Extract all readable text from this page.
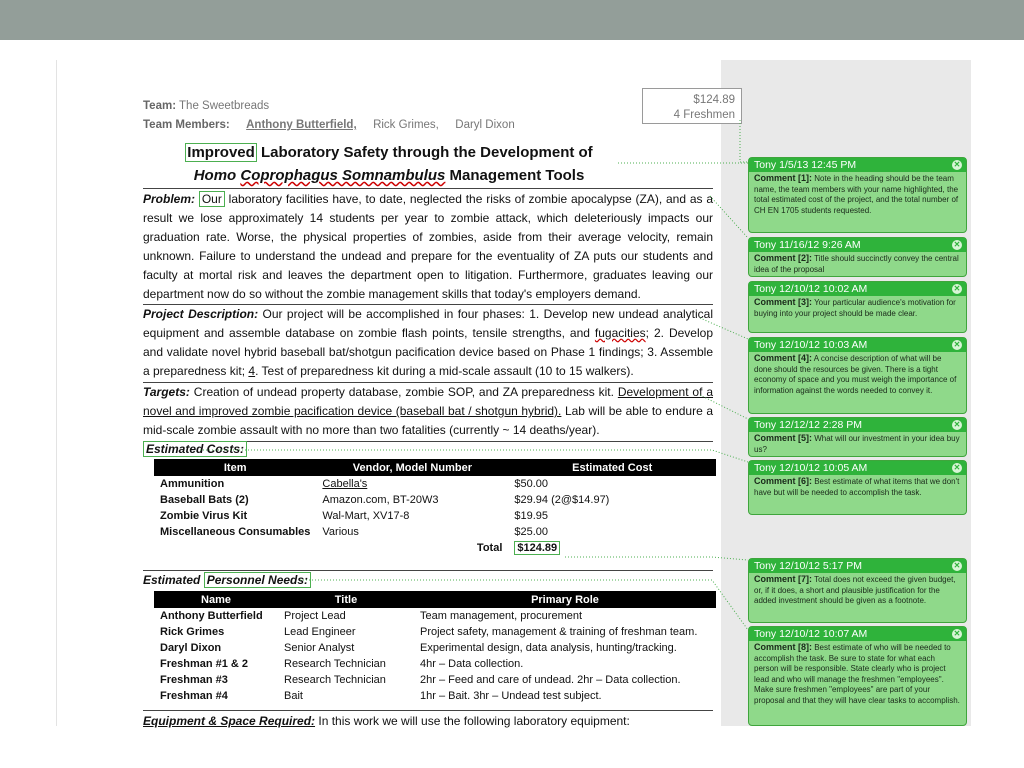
Team: The Sweetbreads
Team Members: Anthony Butterfield, Rick Grimes, Daryl Dixon
$124.89
4 Freshmen
Improved Laboratory Safety through the Development of
Homo Coprophagus Somnambulus Management Tools
Problem: Our laboratory facilities have, to date, neglected the risks of zombie apocalypse (ZA), and as a result we lose approximately 14 students per year to zombie attack, which deleteriously impacts our graduation rate. Worse, the physical properties of zombies, aside from their average velocity, remain unknown. Failure to understand the undead and prepare for the eventuality of ZA puts our students and faculty at mortal risk and leaves the department open to litigation. Furthermore, graduates leaving our department now do so without the zombie management skills that today's employers demand.
Project Description: Our project will be accomplished in four phases: 1. Develop new undead analytical equipment and assemble database on zombie flash points, tensile strengths, and fugacities; 2. Develop and validate novel hybrid baseball bat/shotgun pacification device based on Phase 1 findings; 3. Assemble a preparedness kit; 4. Test of preparedness kit during a mid-scale assault (10 to 15 walkers).
Targets: Creation of undead property database, zombie SOP, and ZA preparedness kit. Development of a novel and improved zombie pacification device (baseball bat / shotgun hybrid). Lab will be able to endure a mid-scale zombie assault with no more than two fatalities (currently ~ 14 deaths/year).
Estimated Costs:
Item	Vendor, Model Number	Estimated Cost
Ammunition	Cabella's	$50.00
Baseball Bats (2)	Amazon.com, BT-20W3	$29.94 (2@$14.97)
Zombie Virus Kit	Wal-Mart, XV17-8	$19.95
Miscellaneous Consumables	Various	$25.00
	Total	$124.89
Estimated Personnel Needs:
Name	Title	Primary Role
Anthony Butterfield	Project Lead	Team management, procurement
Rick Grimes	Lead Engineer	Project safety, management & training of freshman team.
Daryl Dixon	Senior Analyst	Experimental design, data analysis, hunting/tracking.
Freshman #1 & 2	Research Technician	4hr – Data collection.
Freshman #3	Research Technician	2hr – Feed and care of undead. 2hr – Data collection.
Freshman #4	Bait	1hr – Bait. 3hr – Undead test subject.
Equipment & Space Required: In this work we will use the following laboratory equipment:
Tony 1/5/13 12:45 PM	✕
Comment [1]: Note in the heading should be the team name, the team members with your name highlighted, the total estimated cost of the project, and the total number of CH EN 1705 students requested.
Tony 11/16/12 9:26 AM	✕
Comment [2]: Title should succinctly convey the central idea of the proposal
Tony 12/10/12 10:02 AM	✕
Comment [3]: Your particular audience's motivation for buying into your project should be made clear.
Tony 12/10/12 10:03 AM	✕
Comment [4]: A concise description of what will be done should the resources be given. There is a tight economy of space and you must weigh the importance of information against the words needed to convey it.
Tony 12/12/12 2:28 PM	✕
Comment [5]: What will our investment in your idea buy us?
Tony 12/10/12 10:05 AM	✕
Comment [6]: Best estimate of what items that we don't have but will be needed to accomplish the task.
Tony 12/10/12 5:17 PM	✕
Comment [7]: Total does not exceed the given budget, or, if it does, a short and plausible justification for the added investment should be given as a footnote.
Tony 12/10/12 10:07 AM	✕
Comment [8]: Best estimate of who will be needed to accomplish the task. Be sure to state for what each person will be responsible. State clearly who is project lead and who will manage the freshmen "employees". Make sure freshmen "employees" are part of your proposal and that they will have clear tasks to accomplish.
